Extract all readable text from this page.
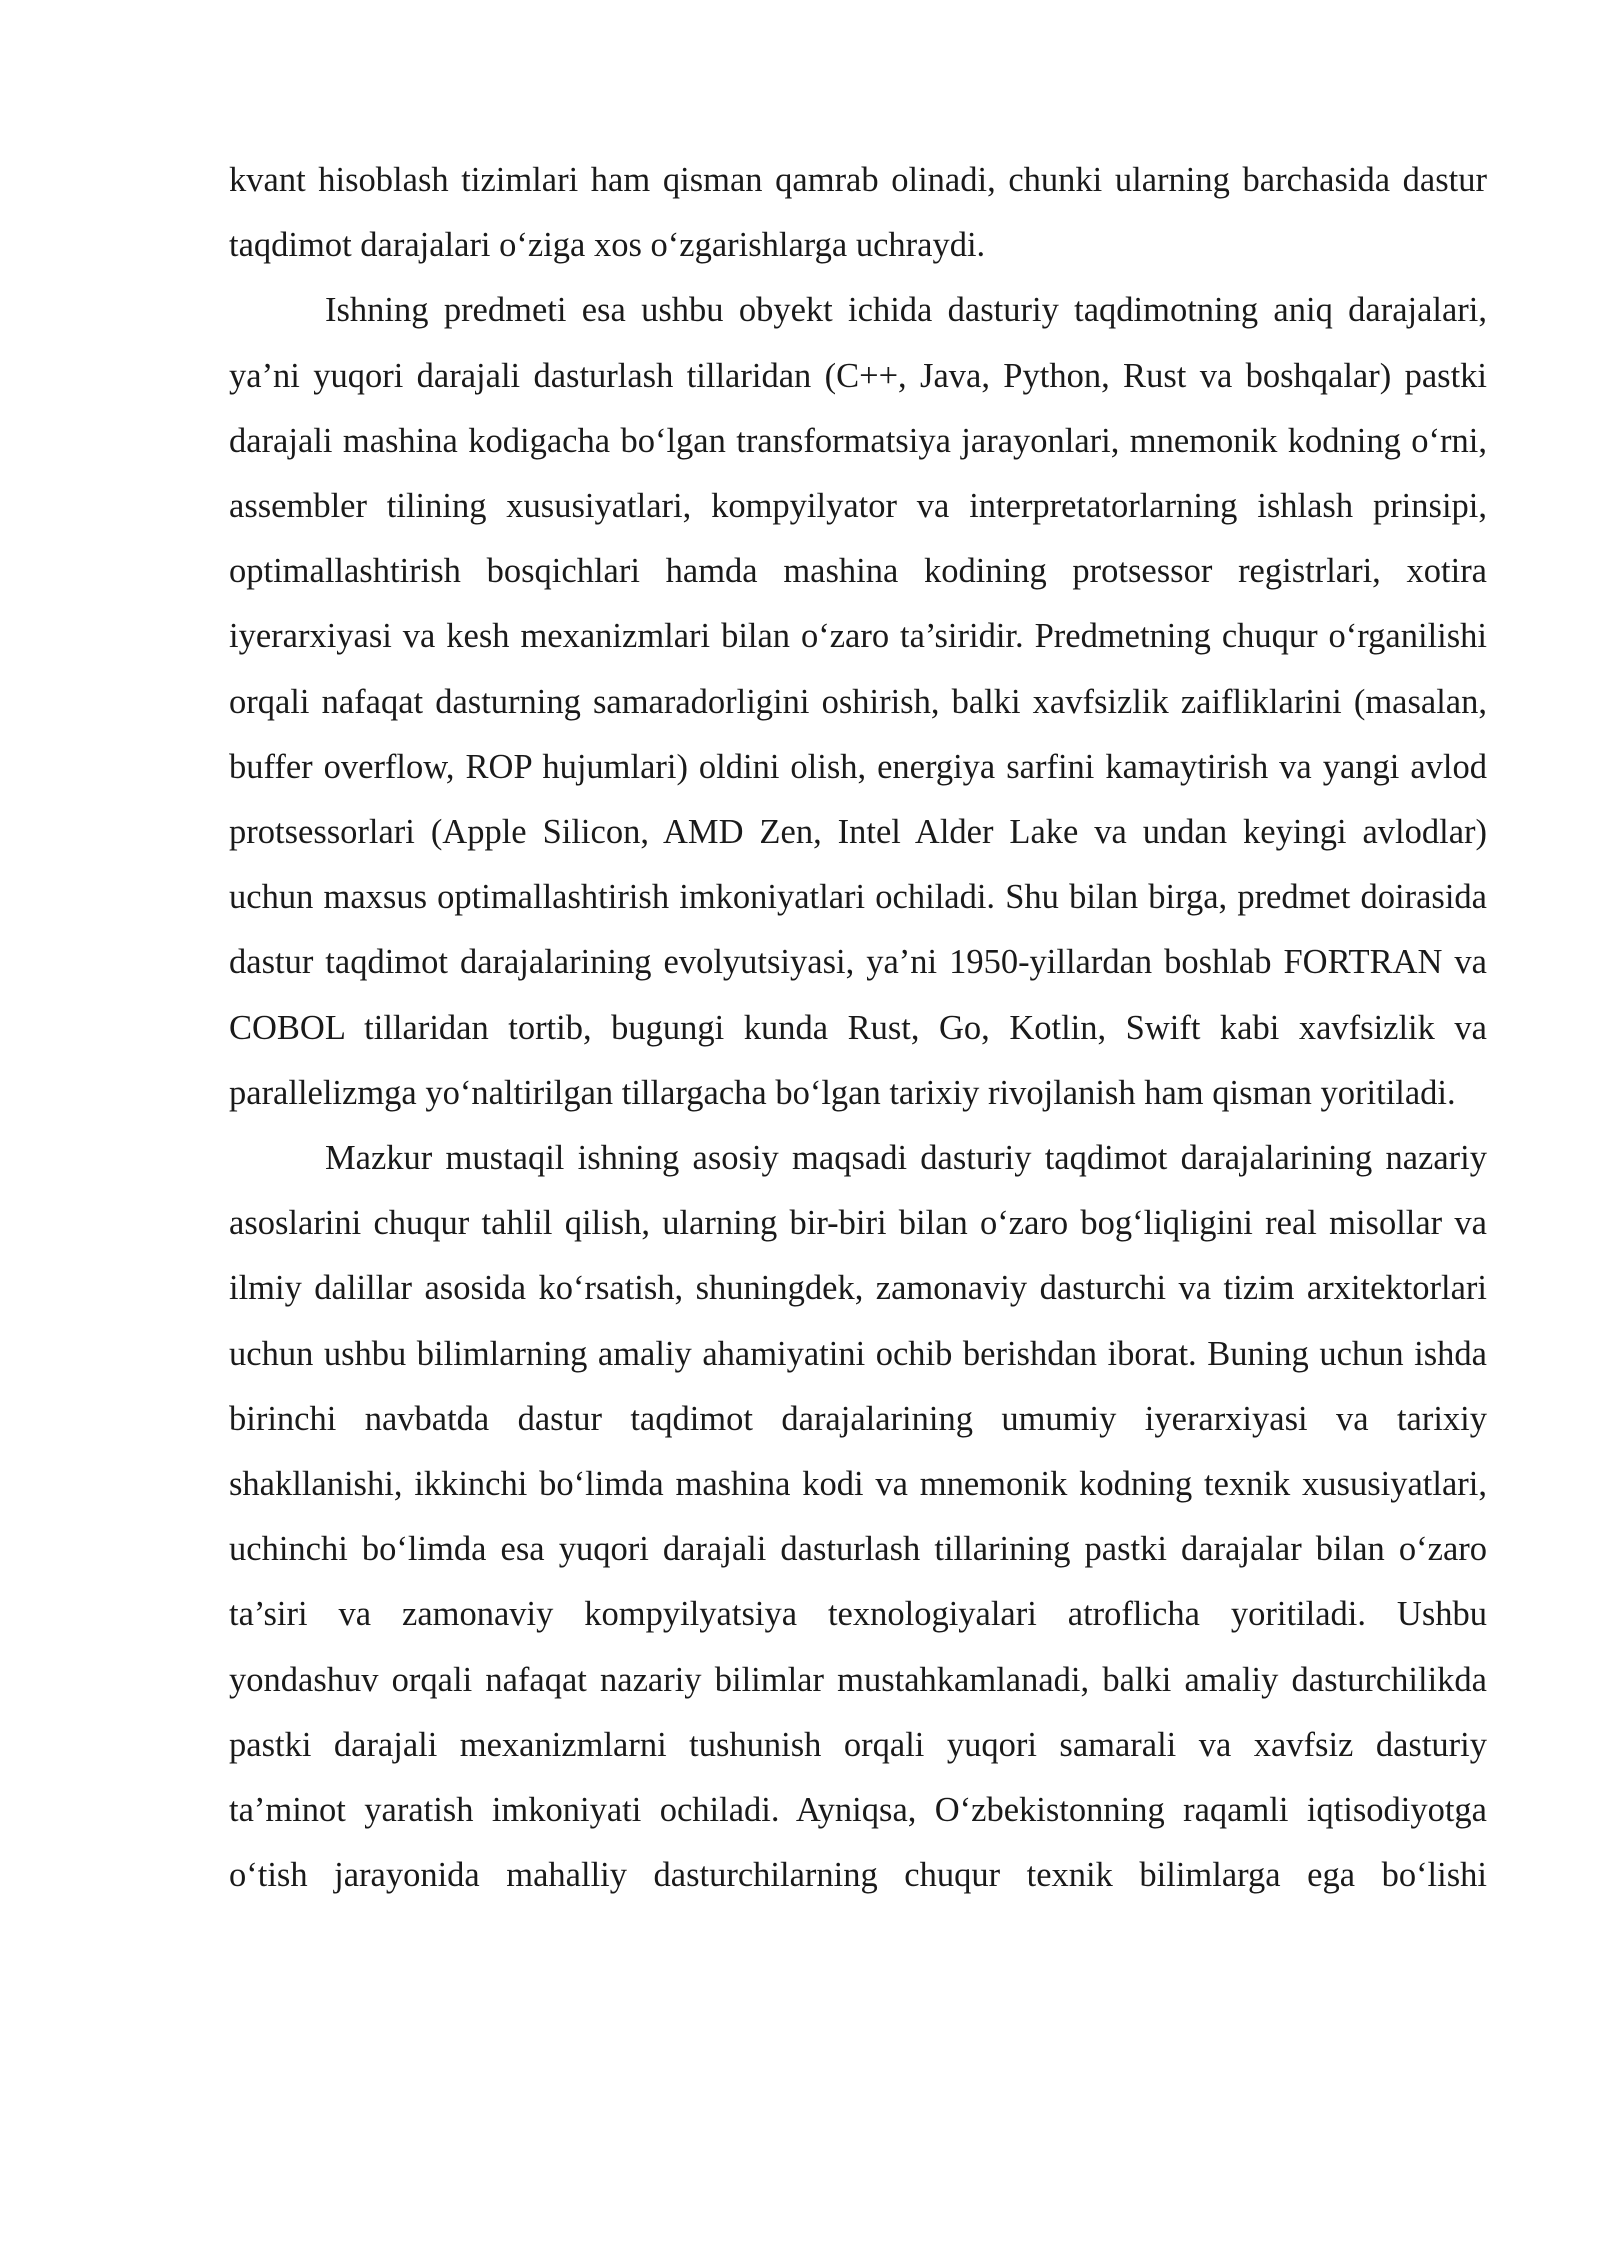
kvant hisoblash tizimlari ham qisman qamrab olinadi, chunki ularning barchasida dastur taqdimot darajalari o‘ziga xos o‘zgarishlarga uchraydi.

Ishning predmeti esa ushbu obyekt ichida dasturiy taqdimotning aniq darajalari, ya’ni yuqori darajali dasturlash tillaridan (C++, Java, Python, Rust va boshqalar) pastki darajali mashina kodigacha bo‘lgan transformatsiya jarayonlari, mnemonik kodning o‘rni, assembler tilining xususiyatlari, kompyilyator va interpretatorlarning ishlash prinsipi, optimallashtirish bosqichlari hamda mashina kodining protsessor registrlari, xotira iyerarxiyasi va kesh mexanizmlari bilan o‘zaro ta’siridir. Predmetning chuqur o‘rganilishi orqali nafaqat dasturning samaradorligini oshirish, balki xavfsizlik zaifliklarini (masalan, buffer overflow, ROP hujumlari) oldini olish, energiya sarfini kamaytirish va yangi avlod protsessorlari (Apple Silicon, AMD Zen, Intel Alder Lake va undan keyingi avlodlar) uchun maxsus optimallashtirish imkoniyatlari ochiladi. Shu bilan birga, predmet doirasida dastur taqdimot darajalarining evolyutsiyasi, ya’ni 1950-yillardan boshlab FORTRAN va COBOL tillaridan tortib, bugungi kunda Rust, Go, Kotlin, Swift kabi xavfsizlik va parallelizmga yo‘naltirilgan tillargacha bo‘lgan tarixiy rivojlanish ham qisman yoritiladi.

Mazkur mustaqil ishning asosiy maqsadi dasturiy taqdimot darajalarining nazariy asoslarini chuqur tahlil qilish, ularning bir-biri bilan o‘zaro bog‘liqligini real misollar va ilmiy dalillar asosida ko‘rsatish, shuningdek, zamonaviy dasturchi va tizim arxitektorlari uchun ushbu bilimlarning amaliy ahamiyatini ochib berishdan iborat. Buning uchun ishda birinchi navbatda dastur taqdimot darajalarining umumiy iyerarxiyasi va tarixiy shakllanishi, ikkinchi bo‘limda mashina kodi va mnemonik kodning texnik xususiyatlari, uchinchi bo‘limda esa yuqori darajali dasturlash tillarining pastki darajalar bilan o‘zaro ta’siri va zamonaviy kompyilyatsiya texnologiyalari atroflicha yoritiladi. Ushbu yondashuv orqali nafaqat nazariy bilimlar mustahkamlanadi, balki amaliy dasturchilikda pastki darajali mexanizmlarni tushunish orqali yuqori samarali va xavfsiz dasturiy ta’minot yaratish imkoniyati ochiladi. Ayniqsa, O‘zbekistonning raqamli iqtisodiyotga o‘tish jarayonida mahalliy dasturchilarning chuqur texnik bilimlarga ega bo‘lishi
